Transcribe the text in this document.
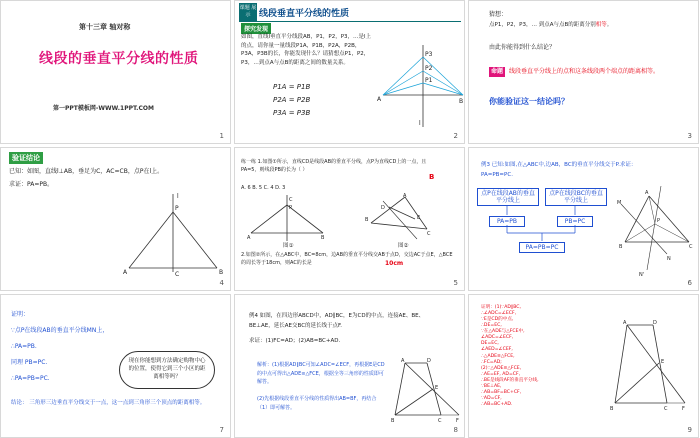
第十三章 轴对称
线段的垂直平分线的性质
第一PPT模板网-WWW.1PPT.COM
1
课题 展示 线段垂直平分线的性质
探究发现
如图，直线l垂直平分线段AB，P1，P2，P3，…是l上的点，请你量一量线段P1A，P1B，P2A，P2B，P3A，P3B的长，你能发现什么？请猜想点P1，P2，P3，…到点A与点B的距离之间的数量关系。
P1A = P1B
P2A = P2B
P3A = P3B
P3
P2
P1
A	B
l
2
猜想：
点P1，P2，P3，… 到点A与点B的距离分别相等。
由此你能得到什么结论？
命题 线段垂直平分线上的点和这条线段两个端点的距离相等。
你能验证这一结论吗？
3
验证结论
已知：如图，直线l⊥AB，垂足为C，AC=CB，点P在l上。
求证：PA=PB。
P
A	B
C
l
4
练一练 1.如图①所示，直线CD是线段AB的垂直平分线，点P为直线CD上的一点，且PA=5，则线段PB的长为（ ）
B
A. 6 B. 5 C. 4 D. 3
C
P
A	B
图①
B
A
C
D
E
图②
2.如图②所示，在△ABC中，BC=8cm，边AB的垂直平分线交AB于点D，交边AC于点E，△BCE的周长等于18cm，则AC的长是	10cm
5
例3 已知:如图,在△ABC中,边AB，BC的垂直平分线交于P.求证：
PA=PB=PC.
点P在线段AB的垂直平分线上
点P在线段BC的垂直平分线上
PA=PB	PB=PC
PA=PB=PC
M
A
P
B	C
N
N'
6
证明：
∵点P在线段AB的垂直平分线MN上，
∴PA=PB.
同理 PB=PC.
∴PA=PB=PC.
现在你能想到方法确定购物中心的位置，使得它到三个小区的距离相等吗？
结论： 三角形三边垂直平分线交于一点，这一点到三角形三个顶点的距离相等。
7
例4 如图，在四边形ABCD中，AD∥BC，E为CD的中点，连接AE、BE、BE⊥AE，延长AE交BC的延长线于点F.
求证：(1)FC=AD；(2)AB=BC+AD.
解析：(1)根据AD∥BC可知∠ADC=∠ECF，再根据E是CD的中点可得出△ADE≌△FCE，根据全等三角形的性质即可解答。
(2)先根据线段垂直平分线的性质得出AB=BF，再结合（1）即可解答。
A	D
E
B	C	F
8
证明：(1)∵AD∥BC,
∴∠ADC=∠ECF,
∵E是CD的中点,
∴DE=EC,
∵在△ADE与△FCE中,
∠ADC=∠ECF,
DE=EC,
∠AED=∠CEF,
∴△ADE≌△FCE,
∴FC=AD;
(2)∵△ADE≌△FCE,
∴AE=EF, AD=CF,
∴BE是线段AF的垂直平分线,
∵BE⊥AE,
∴AB=BF=BC+CF,
∵AD=CF,
∴AB=BC+AD.
A	D
E
B	C	F
9
